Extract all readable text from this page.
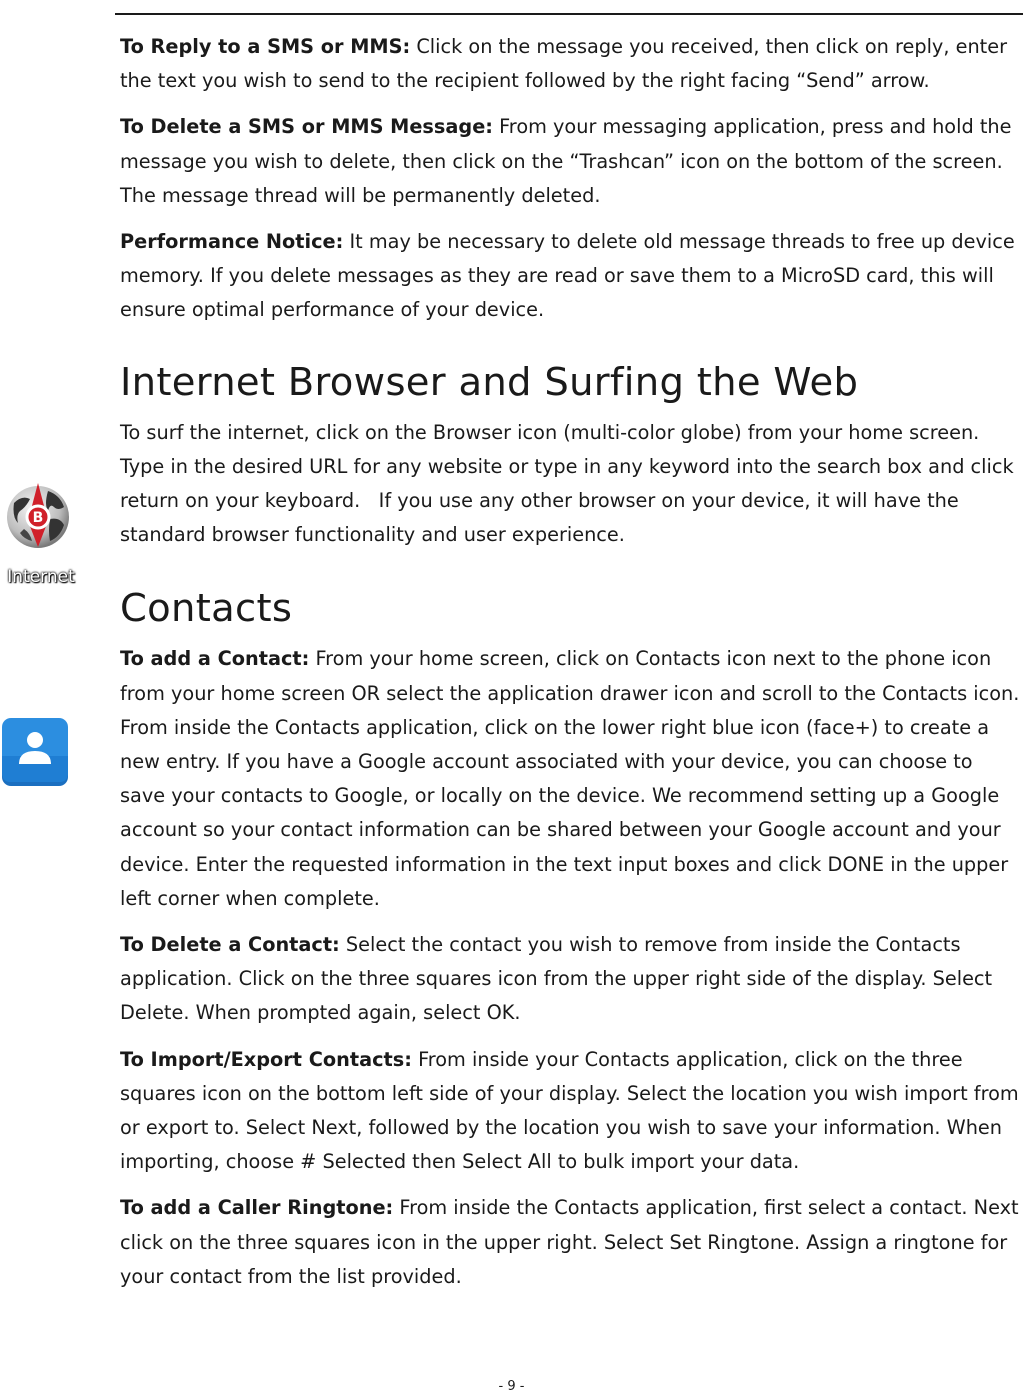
B
Internet

To Reply to a SMS or MMS: Click on the message you received, then click on reply, enter the text you wish to send to the recipient followed by the right facing “Send” arrow.

To Delete a SMS or MMS Message: From your messaging application, press and hold the message you wish to delete, then click on the “Trashcan” icon on the bottom of the screen. The message thread will be permanently deleted.

Performance Notice: It may be necessary to delete old message threads to free up device memory. If you delete messages as they are read or save them to a MicroSD card, this will ensure optimal performance of your device.

Internet Browser and Surfing the Web

To surf the internet, click on the Browser icon (multi-color globe) from your home screen.   Type in the desired URL for any website or type in any keyword into the search box and click return on your keyboard.   If you use any other browser on your device, it will have the standard browser functionality and user experience.

Contacts

To add a Contact: From your home screen, click on Contacts icon next to the phone icon from your home screen OR select the application drawer icon and scroll to the Contacts icon. From inside the Contacts application, click on the lower right blue icon (face+) to create a new entry. If you have a Google account associated with your device, you can choose to save your contacts to Google, or locally on the device. We recommend setting up a Google account so your contact information can be shared between your Google account and your device. Enter the requested information in the text input boxes and click DONE in the upper left corner when complete.

To Delete a Contact: Select the contact you wish to remove from inside the Contacts application. Click on the three squares icon from the upper right side of the display. Select Delete. When prompted again, select OK.

To Import/Export Contacts: From inside your Contacts application, click on the three squares icon on the bottom left side of your display. Select the location you wish import from or export to. Select Next, followed by the location you wish to save your information. When importing, choose # Selected then Select All to bulk import your data.

To add a Caller Ringtone: From inside the Contacts application, first select a contact. Next click on the three squares icon in the upper right. Select Set Ringtone. Assign a ringtone for your contact from the list provided.

- 9 -
